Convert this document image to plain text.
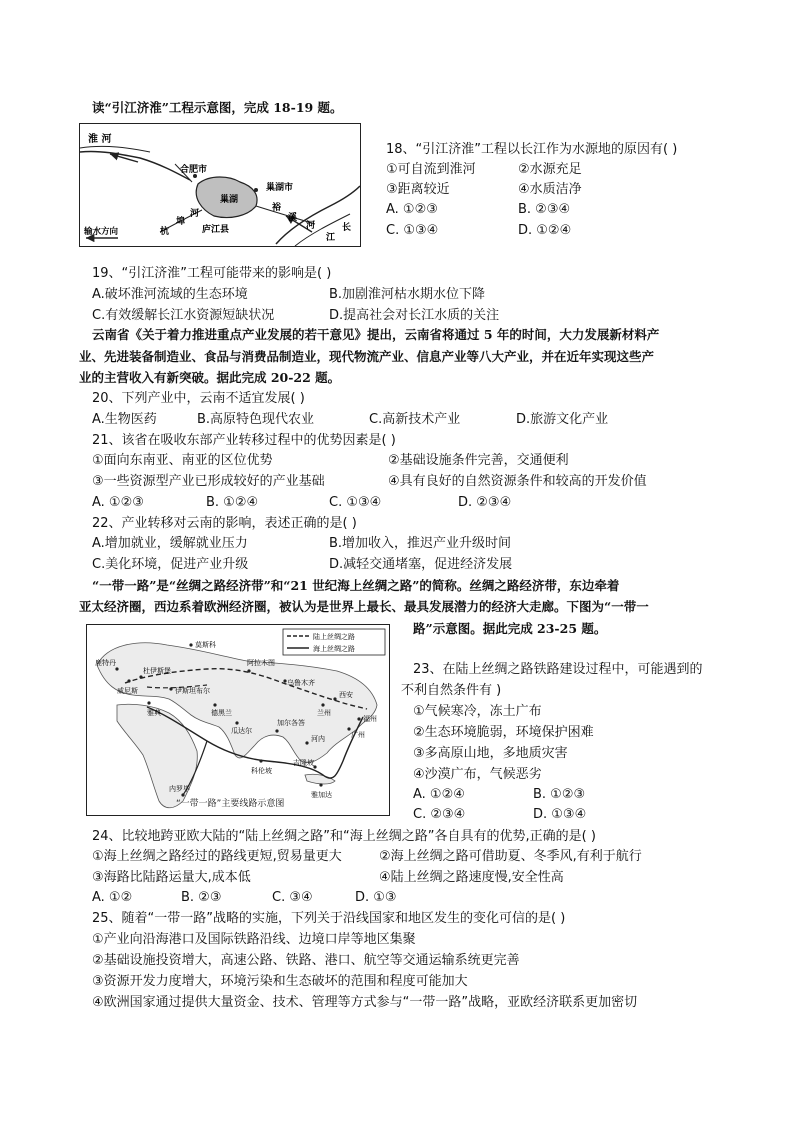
读“引江济淮”工程示意图，完成 18-19 题。
淮 河
合肥市
巢湖市
巢湖
河
杭
埠
庐江县
裕
溪
河
江
长
输水方向
18、“引江济淮”工程以长江作为水源地的原因有( )
①可自流到淮河	②水源充足
③距离较近	④水质洁净
A. ①②③	B. ②③④
C. ①③④	D. ①②④
19、“引江济淮”工程可能带来的影响是( )
A.破坏淮河流域的生态环境	B.加剧淮河枯水期水位下降
C.有效缓解长江水资源短缺状况	D.提高社会对长江水质的关注
云南省《关于着力推进重点产业发展的若干意见》提出，云南省将通过 5 年的时间，大力发展新材料产
业、先进装备制造业、食品与消费品制造业，现代物流产业、信息产业等八大产业，并在近年实现这些产
业的主营收入有新突破。据此完成 20-22 题。
20、下列产业中，云南不适宜发展( )
A.生物医药	B.高原特色现代农业	C.高新技术产业	D.旅游文化产业
21、该省在吸收东部产业转移过程中的优势因素是( )
①面向东南亚、南亚的区位优势	②基础设施条件完善，交通便利
③一些资源型产业已形成较好的产业基础	④具有良好的自然资源条件和较高的开发价值
A. ①②③	B. ①②④	C. ①③④	D. ②③④
22、产业转移对云南的影响，表述正确的是( )
A.增加就业，缓解就业压力	B.增加收入，推迟产业升级时间
C.美化环境，促进产业升级	D.减轻交通堵塞，促进经济发展
“一带一路”是“丝绸之路经济带”和“21 世纪海上丝绸之路”的简称。丝绸之路经济带，东边牵着
亚太经济圈，西边系着欧洲经济圈，被认为是世界上最长、最具发展潜力的经济大走廊。下图为“一带一
路”示意图。据此完成 23-25 题。
陆上丝绸之路
海上丝绸之路
莫斯科
鹿特丹
威尼斯
雅典
伊斯坦布尔
杜伊斯堡
阿拉木图
乌鲁木齐
西安
兰州
福州
广州
德黑兰
瓜达尔
加尔各答
科伦坡
吉隆坡
雅加达
内罗毕
河内
“一带一路”主要线路示意图
23、在陆上丝绸之路铁路建设过程中，可能遇到的
不利自然条件有 )
①气候寒冷，冻土广布
②生态环境脆弱，环境保护困难
③多高原山地，多地质灾害
④沙漠广布，气候恶劣
A. ①②④	B. ①②③
C. ②③④	D. ①③④
24、比较地跨亚欧大陆的“陆上丝绸之路”和“海上丝绸之路”各自具有的优势,正确的是( )
①海上丝绸之路经过的路线更短,贸易量更大	②海上丝绸之路可借助夏、冬季风,有利于航行
③海路比陆路运量大,成本低	④陆上丝绸之路速度慢,安全性高
A. ①②	B. ②③	C. ③④	D. ①③
25、随着“一带一路”战略的实施，下列关于沿线国家和地区发生的变化可信的是( )
①产业向沿海港口及国际铁路沿线、边境口岸等地区集聚
②基础设施投资增大，高速公路、铁路、港口、航空等交通运输系统更完善
③资源开发力度增大，环境污染和生态破坏的范围和程度可能加大
④欧洲国家通过提供大量资金、技术、管理等方式参与“一带一路”战略，亚欧经济联系更加密切
